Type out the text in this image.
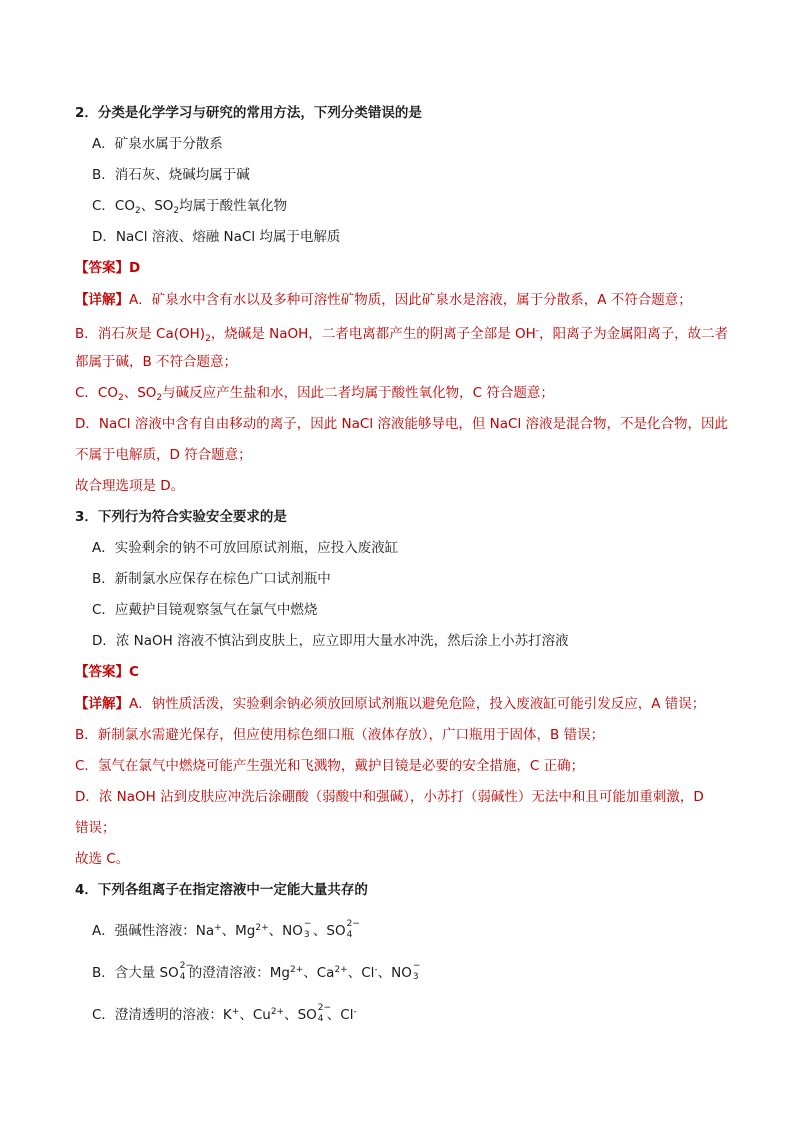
2．分类是化学学习与研究的常用方法，下列分类错误的是
A．矿泉水属于分散系
B．消石灰、烧碱均属于碱
C．$CO_2$、$SO_2$均属于酸性氧化物
D．NaCl 溶液、熔融 NaCl 均属于电解质
【答案】D
【详解】A．矿泉水中含有水以及多种可溶性矿物质，因此矿泉水是溶液，属于分散系，A 不符合题意；
B．消石灰是 $Ca(OH)_2$，烧碱是 NaOH，二者电离都产生的阴离子全部是 OH-，阳离子为金属阳离子，故二者
都属于碱，B 不符合题意；
C．$CO_2$、$SO_2$与碱反应产生盐和水，因此二者均属于酸性氧化物，C 符合题意；
D．NaCl 溶液中含有自由移动的离子，因此 NaCl 溶液能够导电，但 NaCl 溶液是混合物，不是化合物，因此
不属于电解质，D 符合题意；
故合理选项是 D。
3．下列行为符合实验安全要求的是
A．实验剩余的钠不可放回原试剂瓶，应投入废液缸
B．新制氯水应保存在棕色广口试剂瓶中
C．应戴护目镜观察氢气在氯气中燃烧
D．浓 NaOH 溶液不慎沾到皮肤上，应立即用大量水冲洗，然后涂上小苏打溶液
【答案】C
【详解】A．钠性质活泼，实验剩余钠必须放回原试剂瓶以避免危险，投入废液缸可能引发反应，A 错误；
B．新制氯水需避光保存，但应使用棕色细口瓶（液体存放），广口瓶用于固体，B 错误；
C．氢气在氯气中燃烧可能产生强光和飞溅物，戴护目镜是必要的安全措施，C 正确；
D．浓 NaOH 沾到皮肤应冲洗后涂硼酸（弱酸中和强碱），小苏打（弱碱性）无法中和且可能加重刺激，D
错误；
故选 C。
4．下列各组离子在指定溶液中一定能大量共存的
A．强碱性溶液：Na+、$Mg^{2+}$、NO −
3 、SO 2−
4
B．含大量 SO 2−
4 的澄清溶液：$Mg^{2+}$、$Ca^{2+}$、Cl-、NO −
3
C．澄清透明的溶液：K+、$Cu^{2+}$、SO 2−
4 、Cl-
